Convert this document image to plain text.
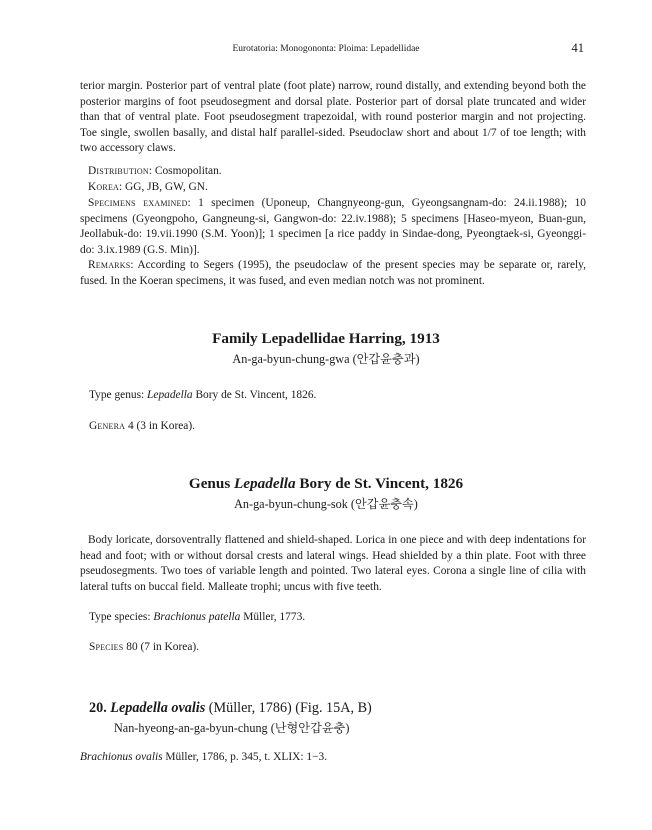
Eurotatoria: Monogononta: Ploima: Lepadellidae	41

terior margin. Posterior part of ventral plate (foot plate) narrow, round distally, and extending beyond both the posterior margins of foot pseudosegment and dorsal plate. Posterior part of dorsal plate truncated and wider than that of ventral plate. Foot pseudosegment trapezoidal, with round posterior margin and not projecting. Toe single, swollen basally, and distal half parallel-sided. Pseudoclaw short and about 1/7 of toe length; with two accessory claws.

Distribution: Cosmopolitan.

Korea: GG, JB, GW, GN.

Specimens examined: 1 specimen (Uponeup, Changnyeong-gun, Gyeongsangnam-do: 24.ii.1988); 10 specimens (Gyeongpoho, Gangneung-si, Gangwon-do: 22.iv.1988); 5 specimens [Haseo-myeon, Buan-gun, Jeollabuk-do: 19.vii.1990 (S.M. Yoon)]; 1 specimen [a rice paddy in Sindae-dong, Pyeongtaek-si, Gyeonggi-do: 3.ix.1989 (G.S. Min)].

Remarks: According to Segers (1995), the pseudoclaw of the present species may be separate or, rarely, fused. In the Koeran specimens, it was fused, and even median notch was not prominent.

Family Lepadellidae Harring, 1913
An-ga-byun-chung-gwa (안갑윤충과)
Type genus: Lepadella Bory de St. Vincent, 1826.
Genera 4 (3 in Korea).
Genus Lepadella Bory de St. Vincent, 1826
An-ga-byun-chung-sok (안갑윤충속)

Body loricate, dorsoventrally flattened and shield-shaped. Lorica in one piece and with deep indentations for head and foot; with or without dorsal crests and lateral wings. Head shielded by a thin plate. Foot with three pseudosegments. Two toes of variable length and pointed. Two lateral eyes. Corona a single line of cilia with lateral tufts on buccal field. Malleate trophi; uncus with five teeth.

Type species: Brachionus patella Müller, 1773.
Species 80 (7 in Korea).
20. Lepadella ovalis (Müller, 1786) (Fig. 15A, B)
Nan-hyeong-an-ga-byun-chung (난형안갑윤충)
Brachionus ovalis Müller, 1786, p. 345, t. XLIX: 1−3.
